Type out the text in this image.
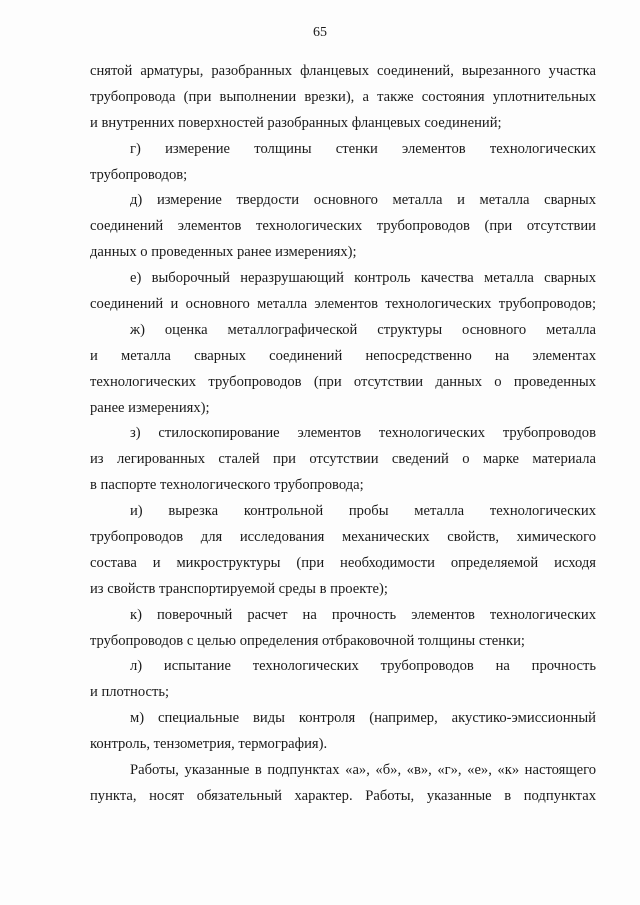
65
снятой арматуры, разобранных фланцевых соединений, вырезанного участка
трубопровода (при выполнении врезки), а также состояния уплотнительных
и внутренних поверхностей разобранных фланцевых соединений;
г) измерение толщины стенки элементов технологических
трубопроводов;
д) измерение твердости основного металла и металла сварных
соединений элементов технологических трубопроводов (при отсутствии
данных о проведенных ранее измерениях);
е) выборочный неразрушающий контроль качества металла сварных
соединений и основного металла элементов технологических трубопроводов;
ж) оценка металлографической структуры основного металла
и металла сварных соединений непосредственно на элементах
технологических трубопроводов (при отсутствии данных о проведенных
ранее измерениях);
з) стилоскопирование элементов технологических трубопроводов
из легированных сталей при отсутствии сведений о марке материала
в паспорте технологического трубопровода;
и) вырезка контрольной пробы металла технологических
трубопроводов для исследования механических свойств, химического
состава и микроструктуры (при необходимости определяемой исходя
из свойств транспортируемой среды в проекте);
к) поверочный расчет на прочность элементов технологических
трубопроводов с целью определения отбраковочной толщины стенки;
л) испытание технологических трубопроводов на прочность
и плотность;
м) специальные виды контроля (например, акустико-эмиссионный
контроль, тензометрия, термография).
Работы, указанные в подпунктах «а», «б», «в», «г», «е», «к» настоящего
пункта, носят обязательный характер. Работы, указанные в подпунктах
